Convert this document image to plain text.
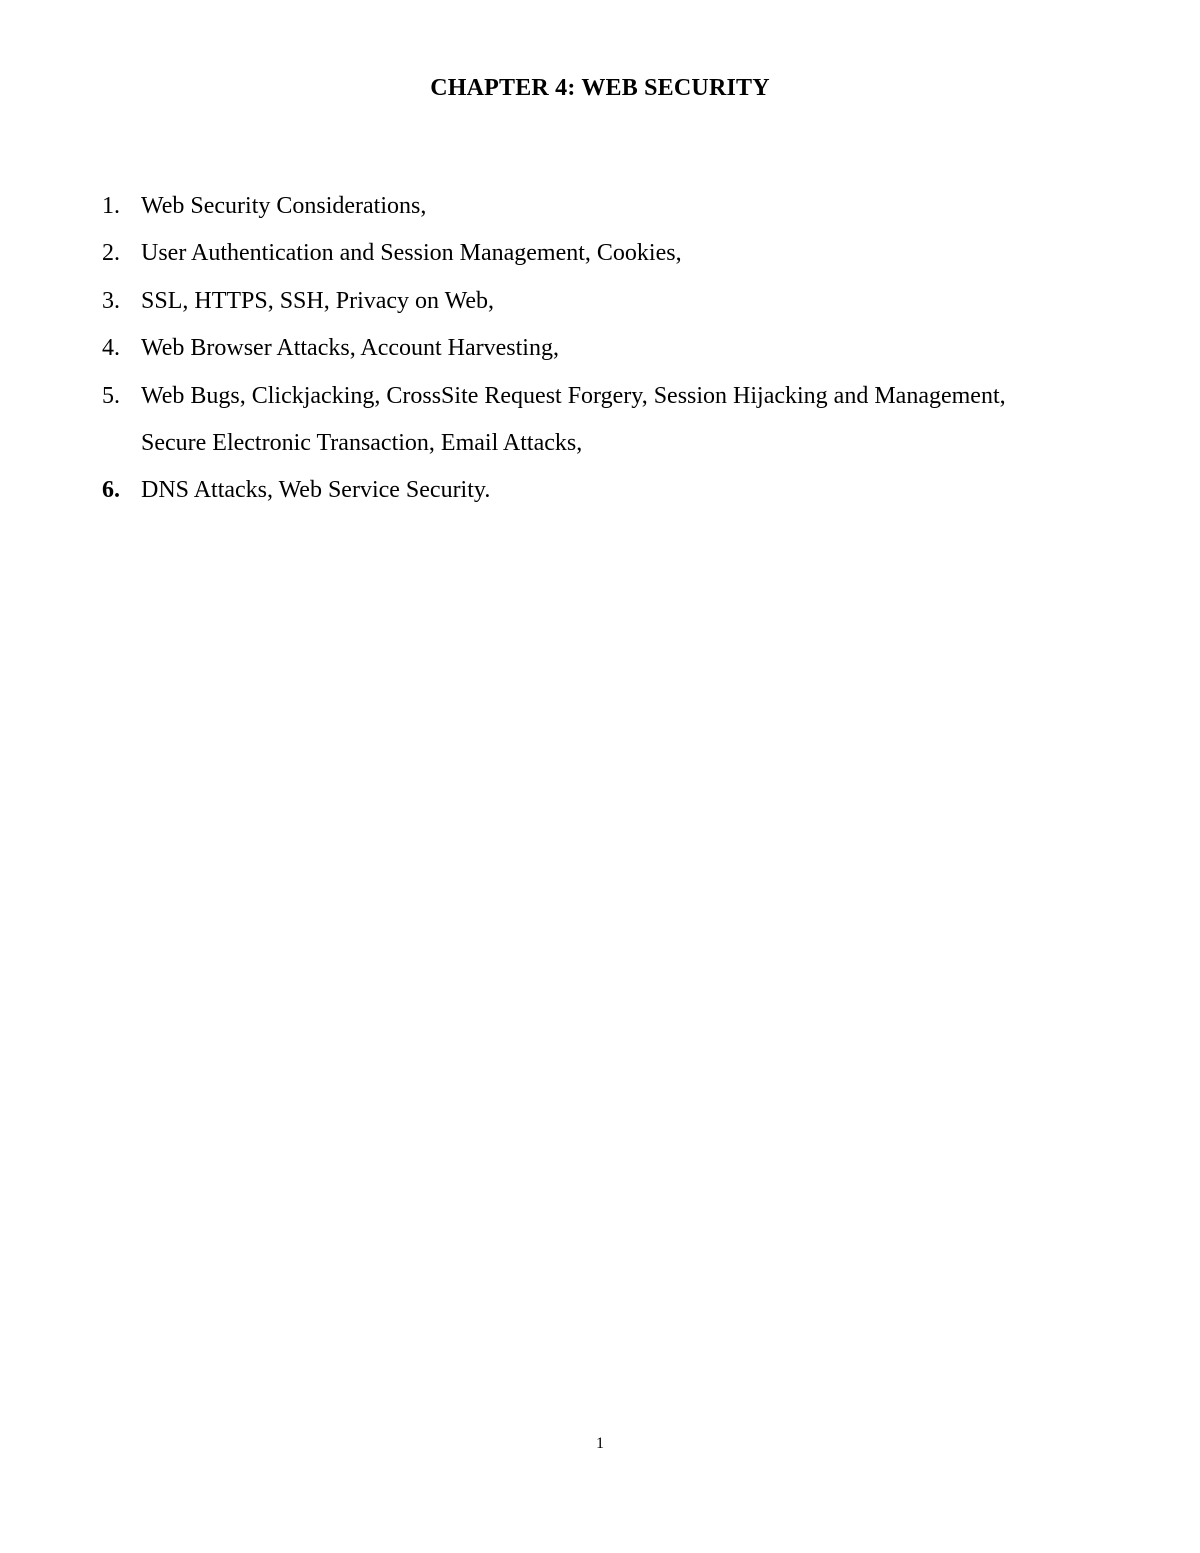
CHAPTER 4: WEB SECURITY
1. Web Security Considerations,
2. User Authentication and Session Management, Cookies,
3. SSL, HTTPS, SSH, Privacy on Web,
4. Web Browser Attacks, Account Harvesting,
5. Web Bugs, Clickjacking, CrossSite Request Forgery, Session Hijacking and Management, Secure Electronic Transaction, Email Attacks,
6. DNS Attacks, Web Service Security.
1
